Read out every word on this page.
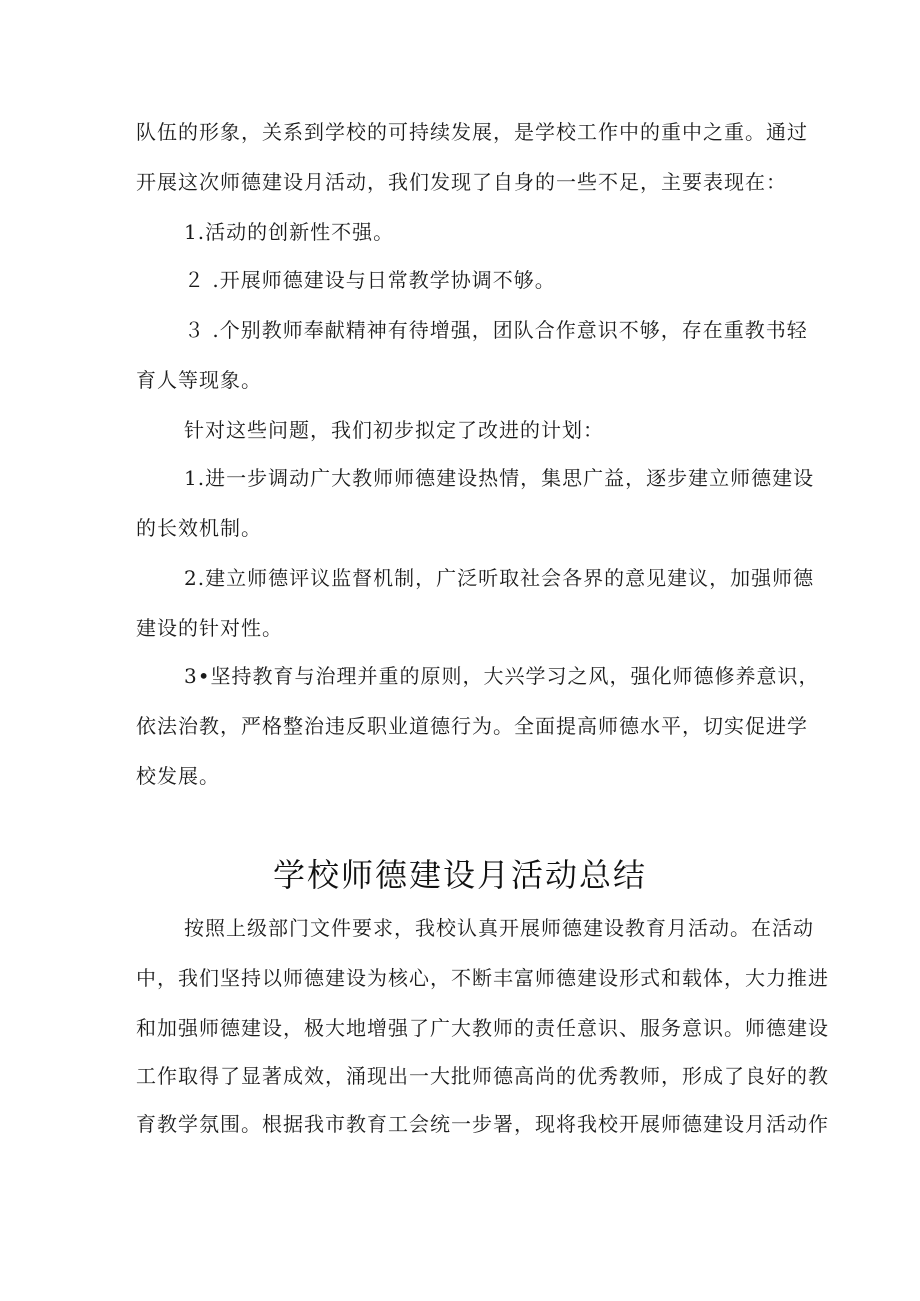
队伍的形象，关系到学校的可持续发展，是学校工作中的重中之重。通过
开展这次师德建设月活动，我们发现了自身的一些不足，主要表现在：
1.活动的创新性不强。
２ .开展师德建设与日常教学协调不够。
３ .个别教师奉献精神有待增强，团队合作意识不够，存在重教书轻
育人等现象。
针对这些问题，我们初步拟定了改进的计划：
1.进一步调动广大教师师德建设热情，集思广益，逐步建立师德建设
的长效机制。
2.建立师德评议监督机制，广泛听取社会各界的意见建议，加强师德
建设的针对性。
3•坚持教育与治理并重的原则，大兴学习之风，强化师德修养意识，
依法治教，严格整治违反职业道德行为。全面提高师德水平，切实促进学
校发展。
学校师德建设月活动总结
按照上级部门文件要求，我校认真开展师德建设教育月活动。在活动
中，我们坚持以师德建设为核心，不断丰富师德建设形式和载体，大力推进
和加强师德建设，极大地增强了广大教师的责任意识、服务意识。师德建设
工作取得了显著成效，涌现出一大批师德高尚的优秀教师，形成了良好的教
育教学氛围。根据我市教育工会统一步署，现将我校开展师德建设月活动作
